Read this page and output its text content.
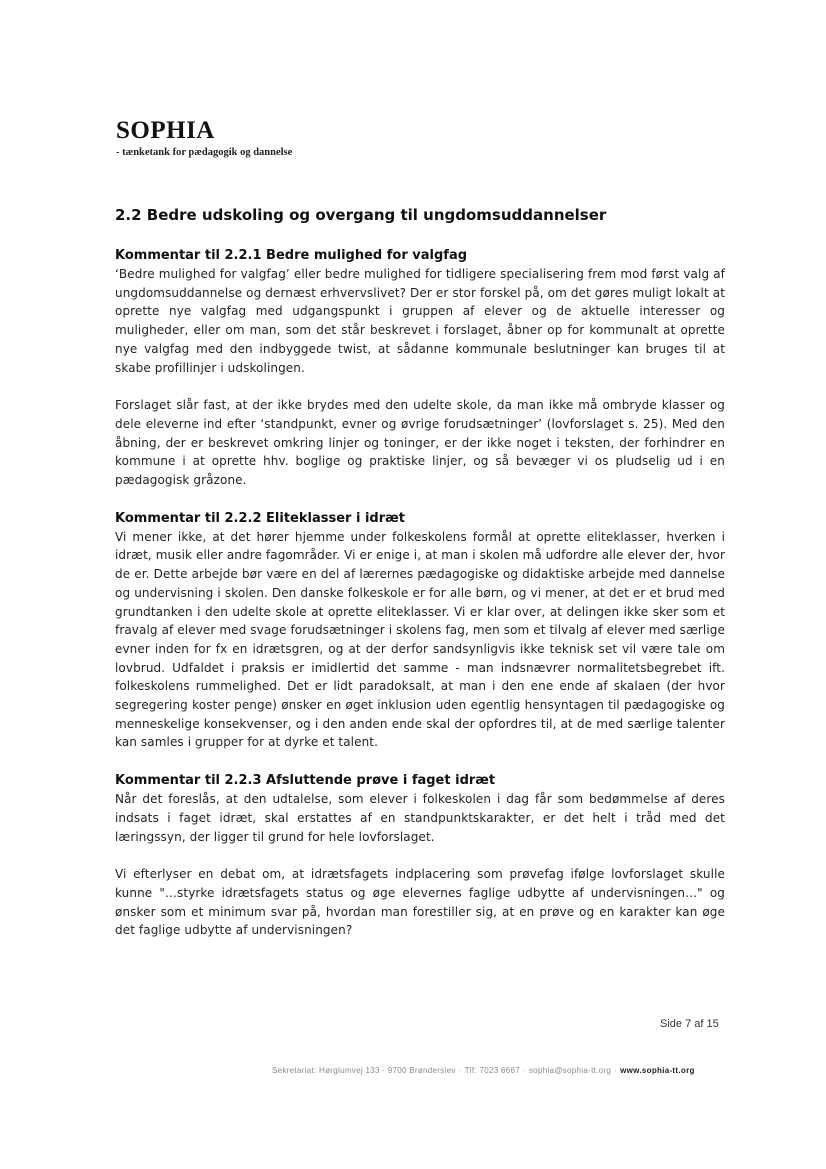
SOPHIA
- tænketank for pædagogik og dannelse
2.2 Bedre udskoling og overgang til ungdomsuddannelser
Kommentar til 2.2.1 Bedre mulighed for valgfag

‘Bedre mulighed for valgfag’ eller bedre mulighed for tidligere specialisering frem mod først valg af ungdomsuddannelse og dernæst erhvervslivet? Der er stor forskel på, om det gøres muligt lokalt at oprette nye valgfag med udgangspunkt i gruppen af elever og de aktuelle interesser og muligheder, eller om man, som det står beskrevet i forslaget, åbner op for kommunalt at oprette nye valgfag med den indbyggede twist, at sådanne kommunale beslutninger kan bruges til at skabe profillinjer i udskolingen.

Forslaget slår fast, at der ikke brydes med den udelte skole, da man ikke må ombryde klasser og dele eleverne ind efter ‘standpunkt, evner og øvrige forudsætninger’ (lovforslaget s. 25). Med den åbning, der er beskrevet omkring linjer og toninger, er der ikke noget i teksten, der forhindrer en kommune i at oprette hhv. boglige og praktiske linjer, og så bevæger vi os pludselig ud i en pædagogisk gråzone.

Kommentar til 2.2.2 Eliteklasser i idræt

Vi mener ikke, at det hører hjemme under folkeskolens formål at oprette eliteklasser, hverken i idræt, musik eller andre fagområder. Vi er enige i, at man i skolen må udfordre alle elever der, hvor de er. Dette arbejde bør være en del af lærernes pædagogiske og didaktiske arbejde med dannelse og undervisning i skolen. Den danske folkeskole er for alle børn, og vi mener, at det er et brud med grundtanken i den udelte skole at oprette eliteklasser. Vi er klar over, at delingen ikke sker som et fravalg af elever med svage forudsætninger i skolens fag, men som et tilvalg af elever med særlige evner inden for fx en idrætsgren, og at der derfor sandsynligvis ikke teknisk set vil være tale om lovbrud. Udfaldet i praksis er imidlertid det samme - man indsnævrer normalitetsbegrebet ift. folkeskolens rummelighed. Det er lidt paradoksalt, at man i den ene ende af skalaen (der hvor segregering koster penge) ønsker en øget inklusion uden egentlig hensyntagen til pædagogiske og menneskelige konsekvenser, og i den anden ende skal der opfordres til, at de med særlige talenter kan samles i grupper for at dyrke et talent.

Kommentar til 2.2.3 Afsluttende prøve i faget idræt

Når det foreslås, at den udtalelse, som elever i folkeskolen i dag får som bedømmelse af deres indsats i faget idræt, skal erstattes af en standpunktskarakter, er det helt i tråd med det læringssyn, der ligger til grund for hele lovforslaget.

Vi efterlyser en debat om, at idrætsfagets indplacering som prøvefag ifølge lovforslaget skulle kunne "…styrke idrætsfagets status og øge elevernes faglige udbytte af undervisningen…" og ønsker som et minimum svar på, hvordan man forestiller sig, at en prøve og en karakter kan øge det faglige udbytte af undervisningen?

Side 7 af 15
Sekretariat: Hørglumvej 133 · 9700 Brønderslev · Tlf: 7023 6667 · sophia@sophia-tt.org · www.sophia-tt.org
